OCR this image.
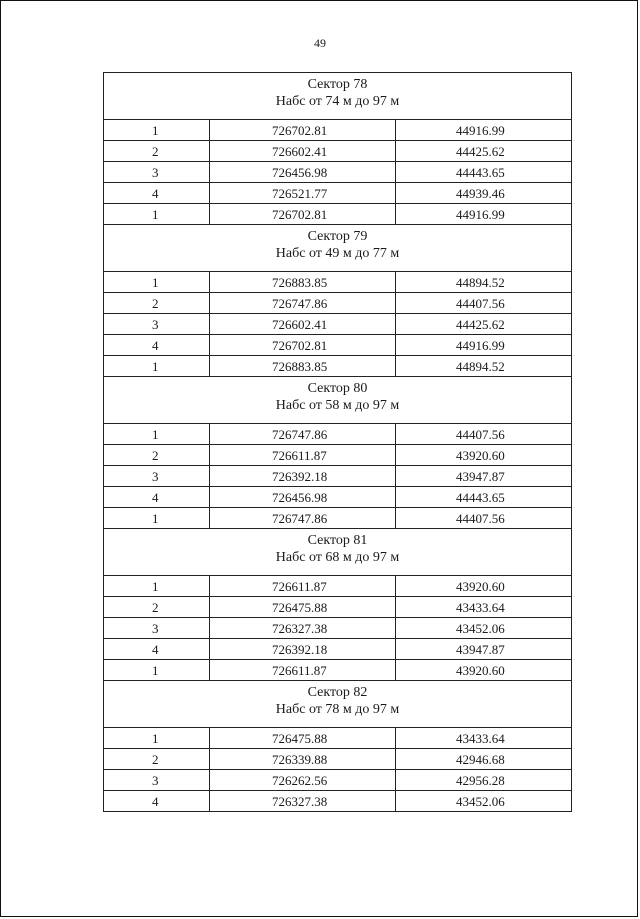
49
Сектор 78
Набс от 74 м до 97 м		

1	726702.81	44916.99
2	726602.41	44425.62
3	726456.98	44443.65
4	726521.77	44939.46
1	726702.81	44916.99

Сектор 79
Набс от 49 м до 77 м		

1	726883.85	44894.52
2	726747.86	44407.56
3	726602.41	44425.62
4	726702.81	44916.99
1	726883.85	44894.52

Сектор 80
Набс от 58 м до 97 м		

1	726747.86	44407.56
2	726611.87	43920.60
3	726392.18	43947.87
4	726456.98	44443.65
1	726747.86	44407.56

Сектор 81
Набс от 68 м до 97 м		

1	726611.87	43920.60
2	726475.88	43433.64
3	726327.38	43452.06
4	726392.18	43947.87
1	726611.87	43920.60

Сектор 82
Набс от 78 м до 97 м		

1	726475.88	43433.64
2	726339.88	42946.68
3	726262.56	42956.28
4	726327.38	43452.06
